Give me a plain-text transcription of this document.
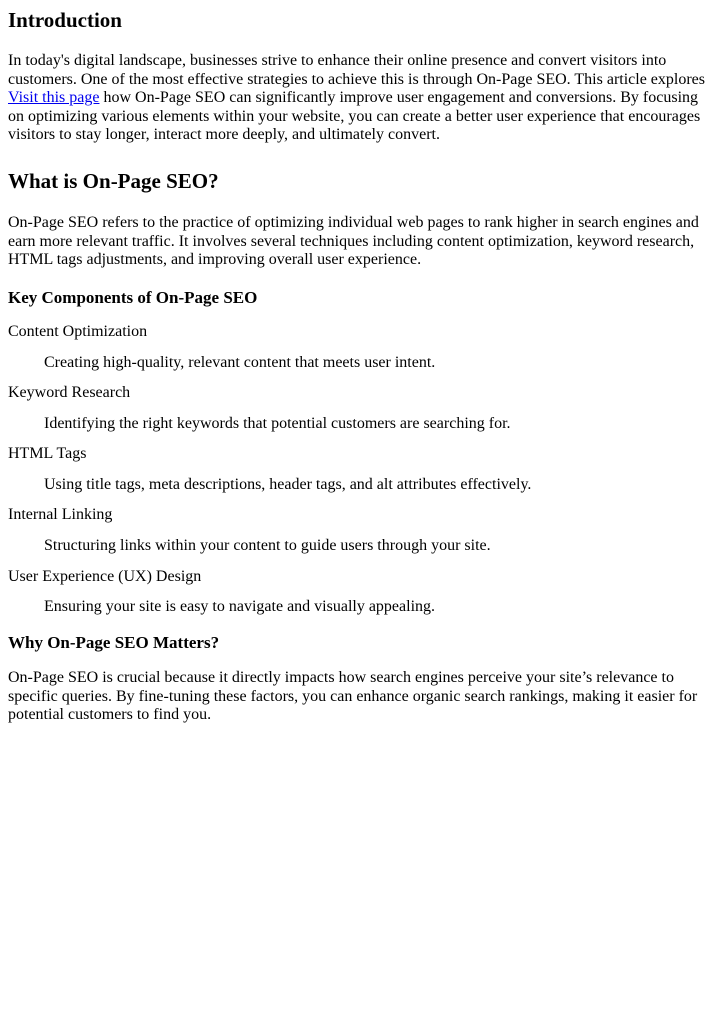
Introduction

In today's digital landscape, businesses strive to enhance their online presence and convert visitors into customers. One of the most effective strategies to achieve this is through On-Page SEO. This article explores Visit this page how On-Page SEO can significantly improve user engagement and conversions. By focusing on optimizing various elements within your website, you can create a better user experience that encourages visitors to stay longer, interact more deeply, and ultimately convert.

What is On-Page SEO?

On-Page SEO refers to the practice of optimizing individual web pages to rank higher in search engines and earn more relevant traffic. It involves several techniques including content optimization, keyword research, HTML tags adjustments, and improving overall user experience.

Key Components of On-Page SEO
Content Optimization
Creating high-quality, relevant content that meets user intent.
Keyword Research
Identifying the right keywords that potential customers are searching for.
HTML Tags
Using title tags, meta descriptions, header tags, and alt attributes effectively.
Internal Linking
Structuring links within your content to guide users through your site.
User Experience (UX) Design
Ensuring your site is easy to navigate and visually appealing.
Why On-Page SEO Matters?

On-Page SEO is crucial because it directly impacts how search engines perceive your site’s relevance to specific queries. By fine-tuning these factors, you can enhance organic search rankings, making it easier for potential customers to find you.
